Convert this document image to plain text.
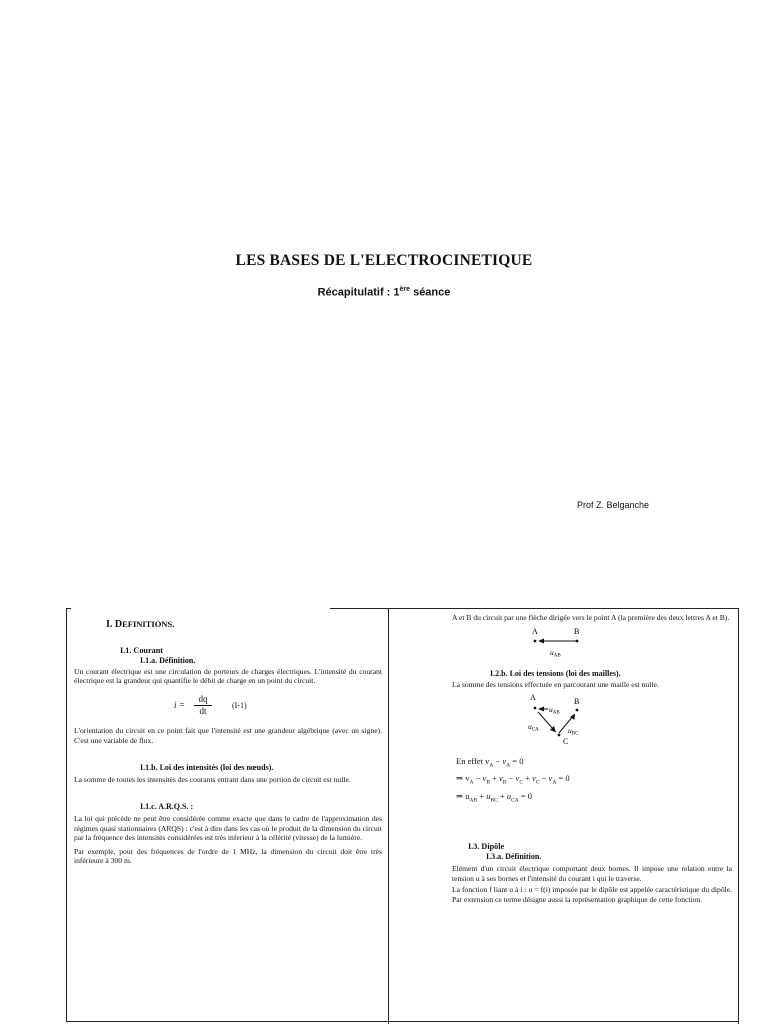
LES BASES DE L'ELECTROCINETIQUE
Récapitulatif : 1ère séance
Prof Z. Belganche
I. DEFINITIONS.
I.1. Courant
I.1.a. Définition.

Un courant électrique est une circulation de porteurs de charges électriques. L'intensité du courant électrique est la grandeur qui quantifie le débit de charge en un point du circuit.

i =
dq
dt
(I-1)

L'orientation du circuit en ce point fait que l'intensité est une grandeur algébrique (avec un signe). C'est une variable de flux.

I.1.b. Loi des intensités (loi des nœuds).

La somme de toutes les intensités des courants entrant dans une portion de circuit est nulle.

I.1.c. A.R.Q.S. :

La loi qui précède ne peut être considérée comme exacte que dans le cadre de l'approximation des régimes quasi stationnaires (ARQS) : c'est à dire dans les cas où le produit de la dimension du circuit par la fréquence des intensités considérées est très inferieur à la célérité (vitesse) de la lumière.

Par exemple, pour des fréquences de l'ordre de 1 MHz, la dimension du circuit doit être très inférieure à 300 m.

A et B du circuit par une flèche dirigée vers le point A (la première des deux lettres A et B).

A	B
$u_{AB}$
I.2.b. Loi des tensions (loi des mailles).

La somme des tensions effectuée en parcourant une maille est nulle.

A	B
C
$u_{AB}$
$u_{BC}$
$u_{CA}$

En effet $v_A - v_A = 0$

⇒ $v_A - v_B + v_B - v_C + v_C - v_A = 0$

⇒ $u_{AB} + u_{BC} + u_{CA} = 0$

I.3. Dipôle
I.3.a. Définition.

Elément d'un circuit électrique comportant deux bornes. Il impose une relation entre la tension u à ses bornes et l'intensité du courant i qui le traverse.

La fonction f liant u à i : u = f(i) imposée par le dipôle est appelée caractéristique du dipôle. Par extension ce terme désigne aussi la représentation graphique de cette fonction.
